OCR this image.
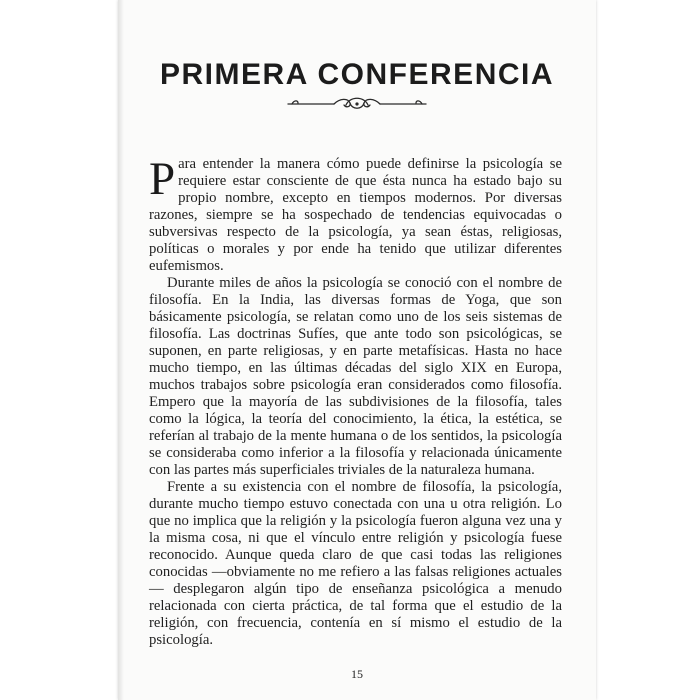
PRIMERA CONFERENCIA

Para entender la manera cómo puede definirse la psicología se requiere estar consciente de que ésta nunca ha estado bajo su propio nombre, excepto en tiempos modernos. Por diversas razones, siempre se ha sospechado de tendencias equivocadas o subversivas respecto de la psicología, ya sean éstas, religiosas, políticas o morales y por ende ha tenido que utilizar diferentes eufemismos.

Durante miles de años la psicología se conoció con el nombre de filosofía. En la India, las diversas formas de Yoga, que son básicamente psicología, se relatan como uno de los seis sistemas de filosofía. Las doctrinas Sufíes, que ante todo son psicológicas, se suponen, en parte religiosas, y en parte metafísicas. Hasta no hace mucho tiempo, en las últimas décadas del siglo XIX en Europa, muchos trabajos sobre psicología eran considerados como filosofía. Empero que la mayoría de las subdivisiones de la filosofía, tales como la lógica, la teoría del conocimiento, la ética, la estética, se referían al trabajo de la mente humana o de los sentidos, la psicología se consideraba como inferior a la filosofía y relacionada únicamente con las partes más superficiales triviales de la naturaleza humana.

Frente a su existencia con el nombre de filosofía, la psicología, durante mucho tiempo estuvo conectada con una u otra religión. Lo que no implica que la religión y la psicología fueron alguna vez una y la misma cosa, ni que el vínculo entre religión y psicología fuese reconocido. Aunque queda claro de que casi todas las religiones conocidas —obviamente no me refiero a las falsas religiones actuales— desplegaron algún tipo de enseñanza psicológica a menudo relacionada con cierta práctica, de tal forma que el estudio de la religión, con frecuencia, contenía en sí mismo el estudio de la psicología.

15
